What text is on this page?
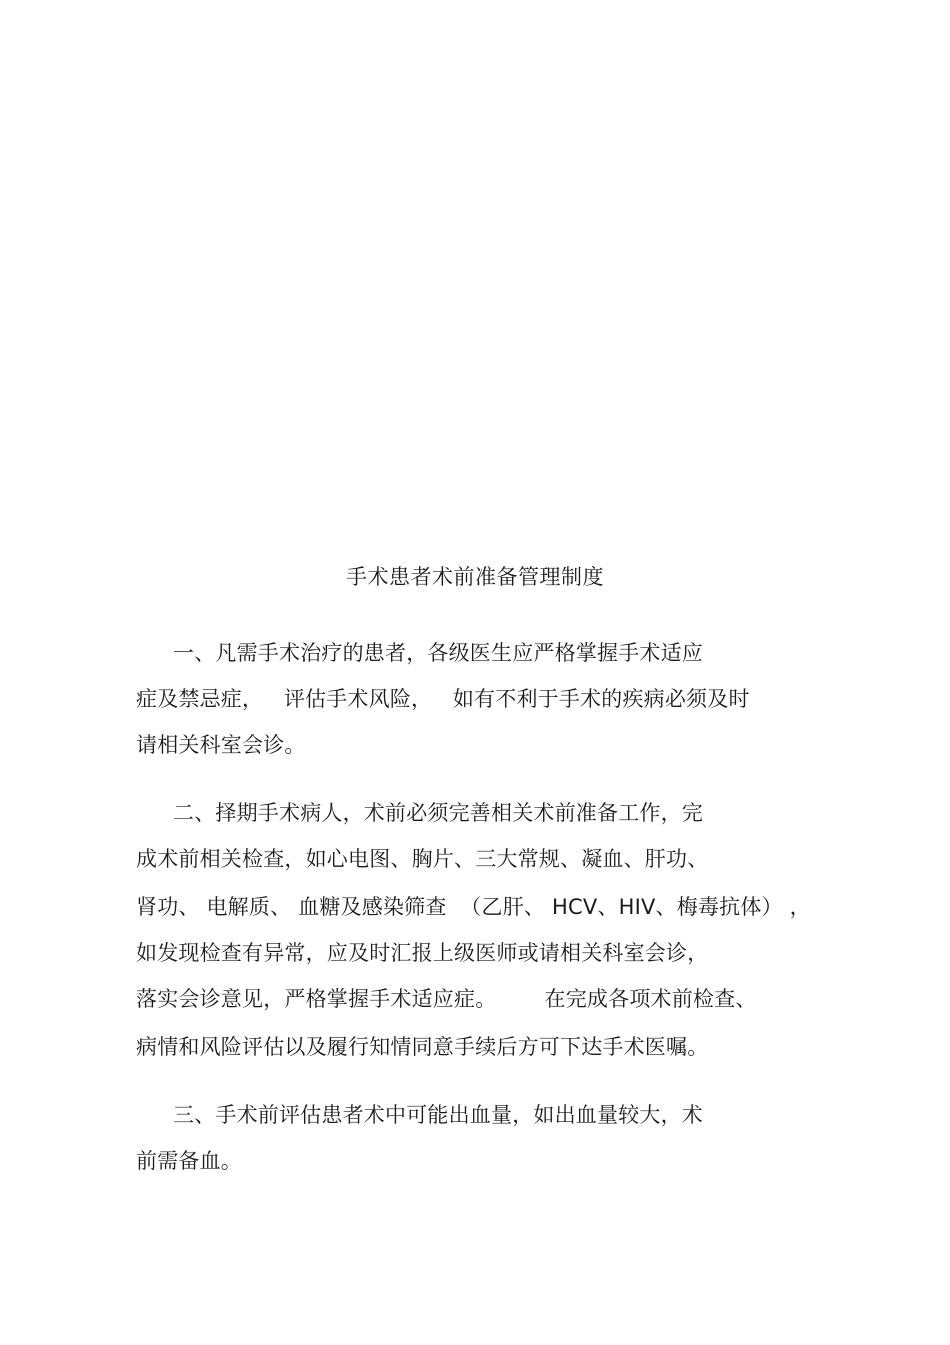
手术患者术前准备管理制度
一、凡需手术治疗的患者，各级医生应严格掌握手术适应
症及禁忌症，   评估手术风险，   如有不利于手术的疾病必须及时
请相关科室会诊。
二、择期手术病人，术前必须完善相关术前准备工作，完
成术前相关检查，如心电图、胸片、三大常规、凝血、肝功、
肾功、 电解质、 血糖及感染筛查  （乙肝、 HCV、HIV、梅毒抗体） ，
如发现检查有异常，应及时汇报上级医师或请相关科室会诊，
落实会诊意见，严格掌握手术适应症。       在完成各项术前检查、
病情和风险评估以及履行知情同意手续后方可下达手术医嘱。
三、手术前评估患者术中可能出血量，如出血量较大，术
前需备血。
